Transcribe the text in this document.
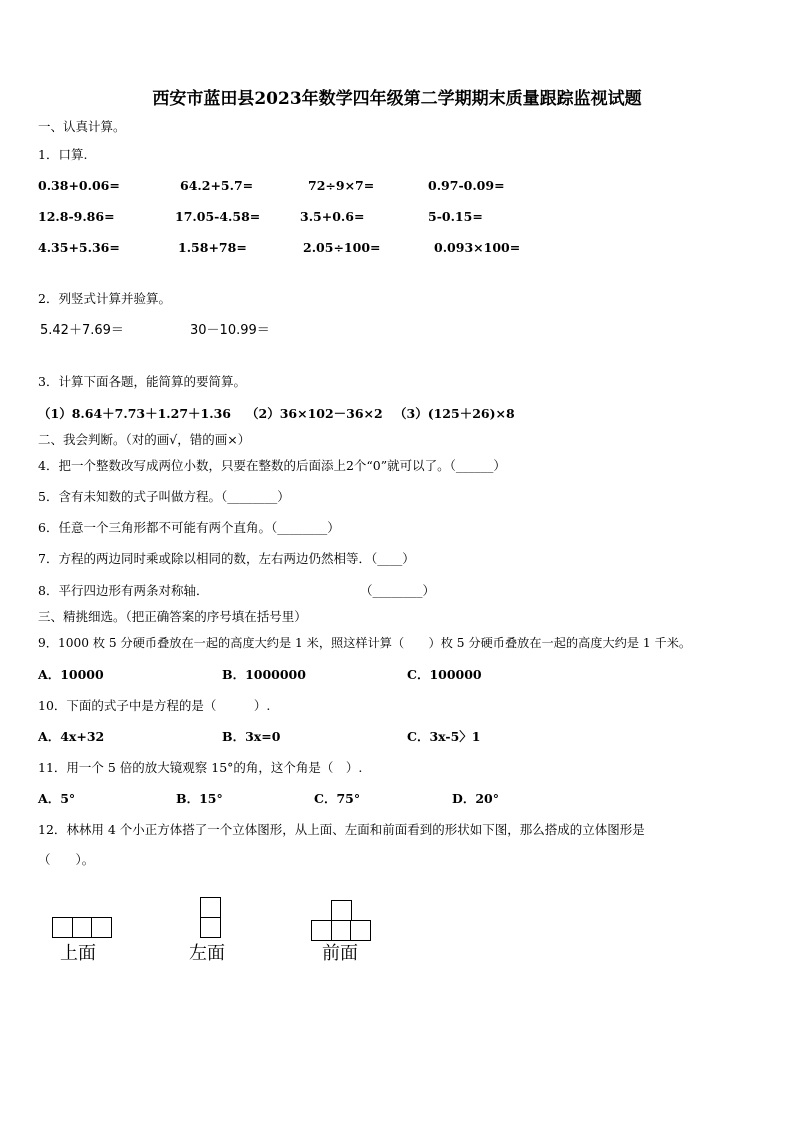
西安市蓝田县2023年数学四年级第二学期期末质量跟踪监视试题
一、认真计算。
1．口算.
0.38+0.06=	64.2+5.7=	72÷9×7=	0.97-0.09=
12.8-9.86=	17.05-4.58=	3.5+0.6=	5-0.15=
4.35+5.36=	1.58+78=	2.05÷100=	0.093×100=
2．列竖式计算并验算。
5.42＋7.69＝	30－10.99＝
3．计算下面各题，能简算的要简算。
（1）8.64＋7.73＋1.27＋1.36 （2）36×102－36×2 （3）(125＋26)×8
二、我会判断。（对的画√，错的画×）
4．把一个整数改写成两位小数，只要在整数的后面添上2个“0”就可以了。（______）
5．含有未知数的式子叫做方程。（________）
6．任意一个三角形都不可能有两个直角。（________）
7．方程的两边同时乘或除以相同的数，左右两边仍然相等．（____）
8．平行四边形有两条对称轴．	（________）
三、精挑细选。（把正确答案的序号填在括号里）
9．1000 枚 5 分硬币叠放在一起的高度大约是 1 米，照这样计算（　　）枚 5 分硬币叠放在一起的高度大约是 1 千米。
A．10000	B．1000000	C．100000
10．下面的式子中是方程的是（　　　）.
A．4x+32	B．3x=0	C．3x-5〉1
11．用一个 5 倍的放大镜观察 15°的角，这个角是（　）.
A．5°	B．15°	C．75°	D．20°
12．林林用 4 个小正方体搭了一个立体图形，从上面、左面和前面看到的形状如下图，那么搭成的立体图形是
（　　）。
上面	左面	前面
